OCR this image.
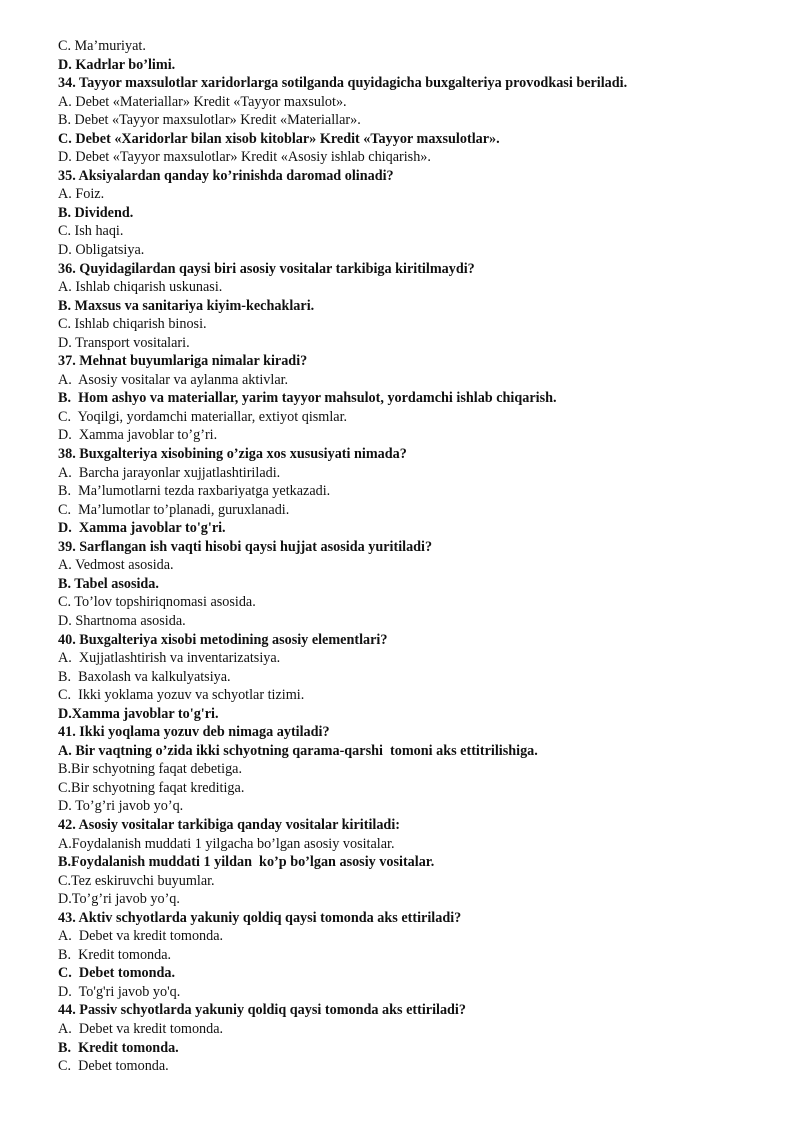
C. Ma’muriyat.
D. Kadrlar bo’limi.
34. Tayyor maxsulotlar xaridorlarga sotilganda quyidagicha buxgalteriya provodkasi beriladi.
A. Debet «Materiallar» Kredit «Tayyor maxsulot».
B. Debet «Tayyor maxsulotlar» Kredit «Materiallar».
C. Debet «Xaridorlar bilan xisob kitoblar» Kredit «Tayyor maxsulotlar».
D. Debet «Tayyor maxsulotlar» Kredit «Asosiy ishlab chiqarish».
35. Aksiyalardan qanday ko’rinishda daromad olinadi?
A. Foiz.
B. Dividend.
C. Ish haqi.
D. Obligatsiya.
36. Quyidagilardan qaysi biri asosiy vositalar tarkibiga kiritilmaydi?
A. Ishlab chiqarish uskunasi.
B. Maxsus va sanitariya kiyim-kechaklari.
C. Ishlab chiqarish binosi.
D. Transport vositalari.
37. Mehnat buyumlariga nimalar kiradi?
A.  Asosiy vositalar va aylanma aktivlar.
B.  Hom ashyo va materiallar, yarim tayyor mahsulot, yordamchi ishlab chiqarish.
C.  Yoqilgi, yordamchi materiallar, extiyot qismlar.
D.  Xamma javoblar to’g’ri.
38. Buxgalteriya xisobining o’ziga xos xususiyati nimada?
A.  Barcha jarayonlar xujjatlashtiriladi.
B.  Ma’lumotlarni tezda raxbariyatga yetkazadi.
C.  Ma’lumotlar to’planadi, guruxlanadi.
D.  Xamma javoblar to'g'ri.
39. Sarflangan ish vaqti hisobi qaysi hujjat asosida yuritiladi?
A. Vedmost asosida.
B. Tabel asosida.
C. To’lov topshiriqnomasi asosida.
D. Shartnoma asosida.
40. Buxgalteriya xisobi metodining asosiy elementlari?
A.  Xujjatlashtirish va inventarizatsiya.
B.  Baxolash va kalkulyatsiya.
C.  Ikki yoklama yozuv va schyotlar tizimi.
D.Xamma javoblar to'g'ri.
41. Ikki yoqlama yozuv deb nimaga aytiladi?
A. Bir vaqtning o’zida ikki schyotning qarama-qarshi  tomoni aks ettitrilishiga.
B.Bir schyotning faqat debetiga.
C.Bir schyotning faqat kreditiga.
D. To’g’ri javob yo’q.
42. Asosiy vositalar tarkibiga qanday vositalar kiritiladi:
A.Foydalanish muddati 1 yilgacha bo’lgan asosiy vositalar.
B.Foydalanish muddati 1 yildan  ko’p bo’lgan asosiy vositalar.
C.Tez eskiruvchi buyumlar.
D.To’g’ri javob yo’q.
43. Aktiv schyotlarda yakuniy qoldiq qaysi tomonda aks ettiriladi?
A.  Debet va kredit tomonda.
B.  Kredit tomonda.
C.  Debet tomonda.
D.  To'g'ri javob yo'q.
44. Passiv schyotlarda yakuniy qoldiq qaysi tomonda aks ettiriladi?
A.  Debet va kredit tomonda.
B.  Kredit tomonda.
C.  Debet tomonda.
